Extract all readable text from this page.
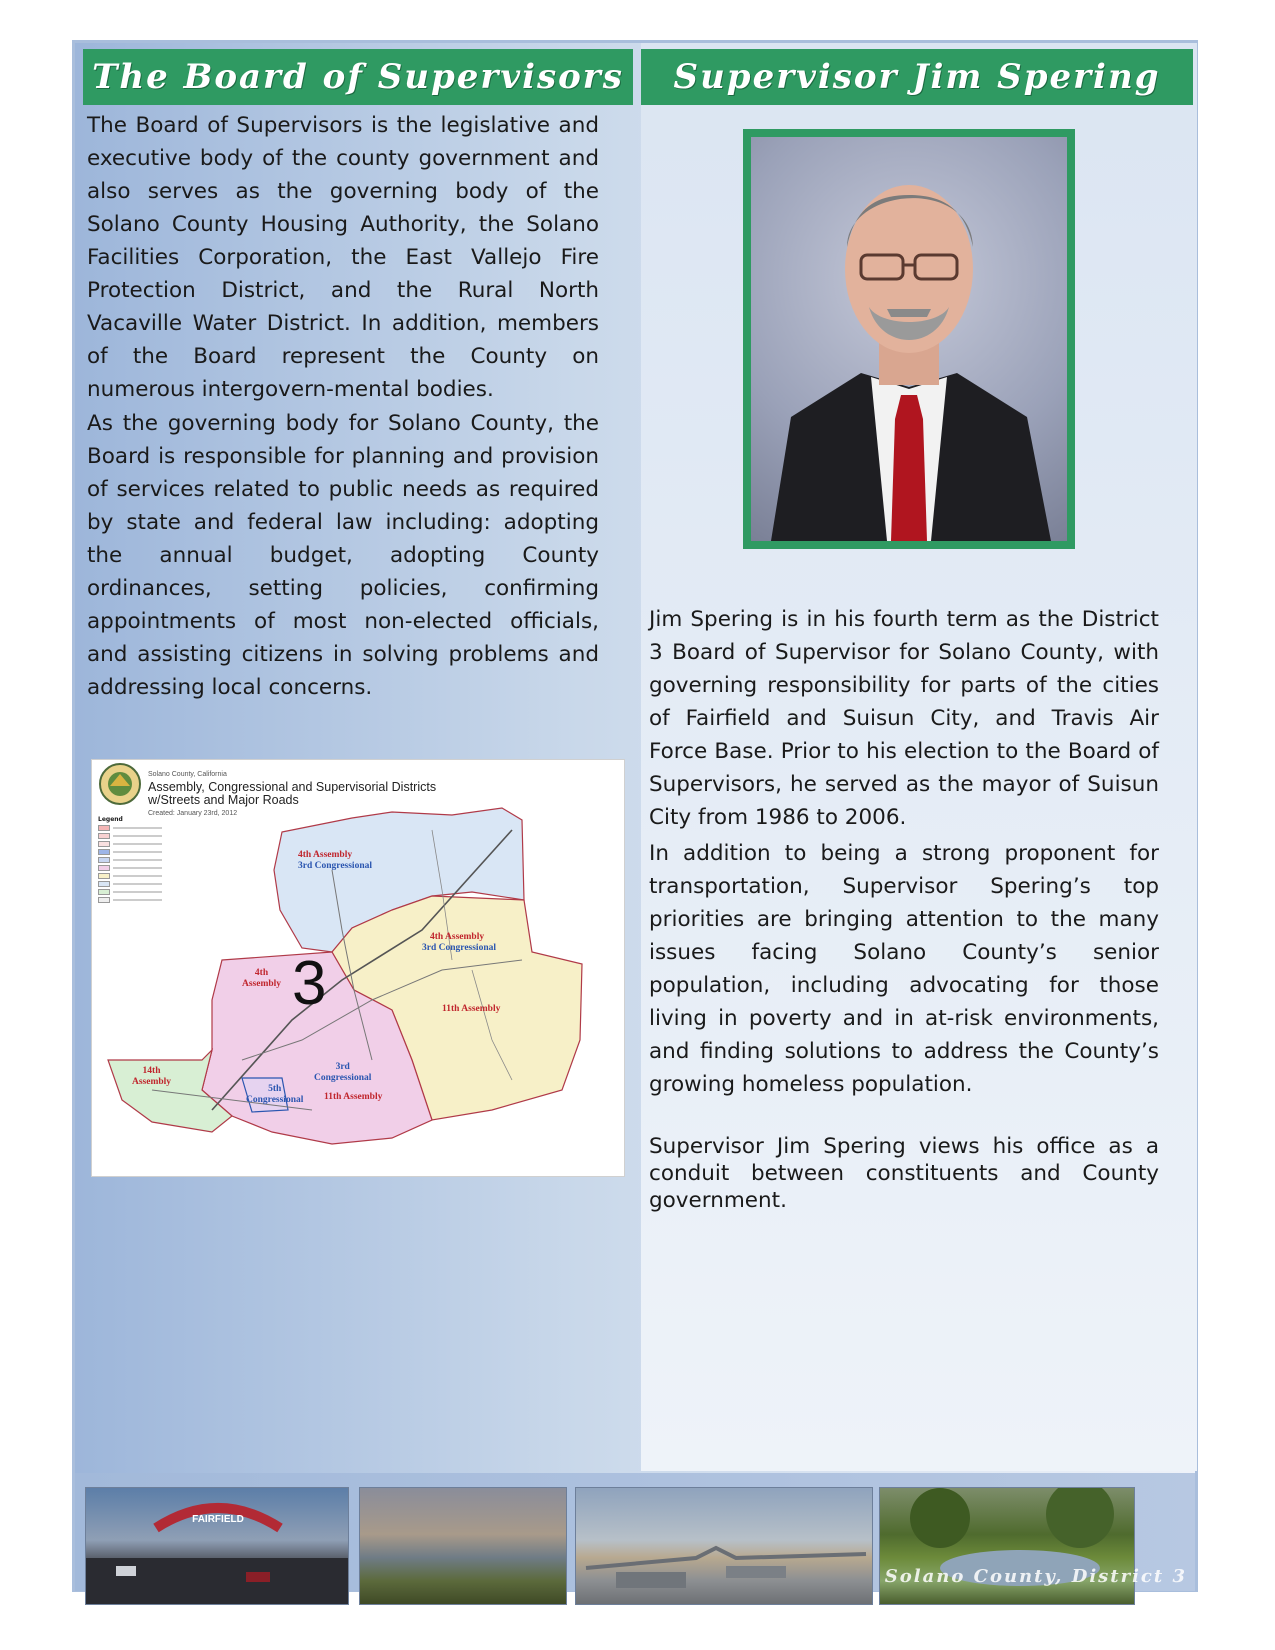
The Board of Supervisors
The Board of Supervisors is the legislative and executive body of the county government and also serves as the governing body of the Solano County Housing Authority, the Solano Facilities Corporation, the East Vallejo Fire Protection District, and the Rural North Vacaville Water District. In addition, members of the Board represent the County on numerous intergovern-mental bodies.
As the governing body for Solano County, the Board is responsible for planning and provision of services related to public needs as required by state and federal law including: adopting the annual budget, adopting County ordinances, setting policies, confirming appointments of most non-elected officials, and assisting citizens in solving problems and addressing local concerns.
Solano County, California
Assembly, Congressional and Supervisorial Districts
w/Streets and Major Roads
Created: January 23rd, 2012
Legend
4th Assembly
3rd Congressional
4th Assembly
3rd Congressional
4th
Assembly
11th Assembly
14th
Assembly
3rd
Congressional
11th Assembly
5th
Congressional
3
Supervisor Jim Spering
Jim Spering is in his fourth term as the District 3 Board of Supervisor for Solano County, with governing responsibility for parts of the cities of Fairfield and Suisun City, and Travis Air Force Base. Prior to his election to the Board of Supervisors, he served as the mayor of Suisun City from 1986 to 2006.
In addition to being a strong proponent for transportation, Supervisor Spering’s top priorities are bringing attention to the many issues facing Solano County’s senior population, including advocating for those living in poverty and in at-risk environments, and finding solutions to address the County’s growing homeless population.
Supervisor Jim Spering views his office as a conduit between constituents and County government.
FAIRFIELD
Solano County, District 3
